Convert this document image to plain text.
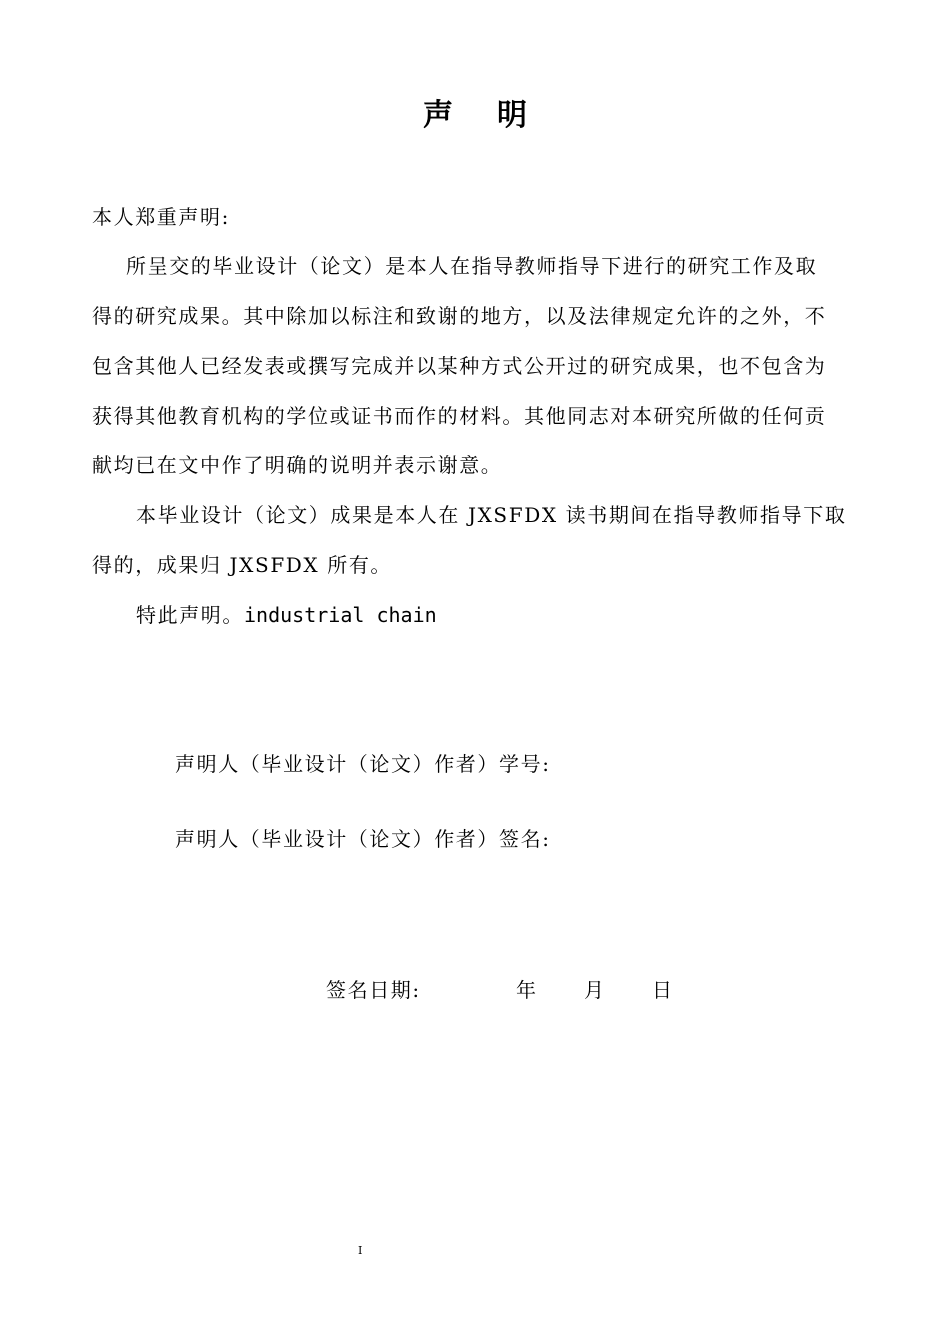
声明
本人郑重声明:
所呈交的毕业设计（论文）是本人在指导教师指导下进行的研究工作及取
得的研究成果。其中除加以标注和致谢的地方，以及法律规定允许的之外，不
包含其他人已经发表或撰写完成并以某种方式公开过的研究成果，也不包含为
获得其他教育机构的学位或证书而作的材料。其他同志对本研究所做的任何贡
献均已在文中作了明确的说明并表示谢意。
本毕业设计（论文）成果是本人在 JXSFDX 读书期间在指导教师指导下取
得的，成果归 JXSFDX 所有。
特此声明。industrial chain
声明人（毕业设计（论文）作者）学号:
声明人（毕业设计（论文）作者）签名:
签名日期:	年 月 日
I
